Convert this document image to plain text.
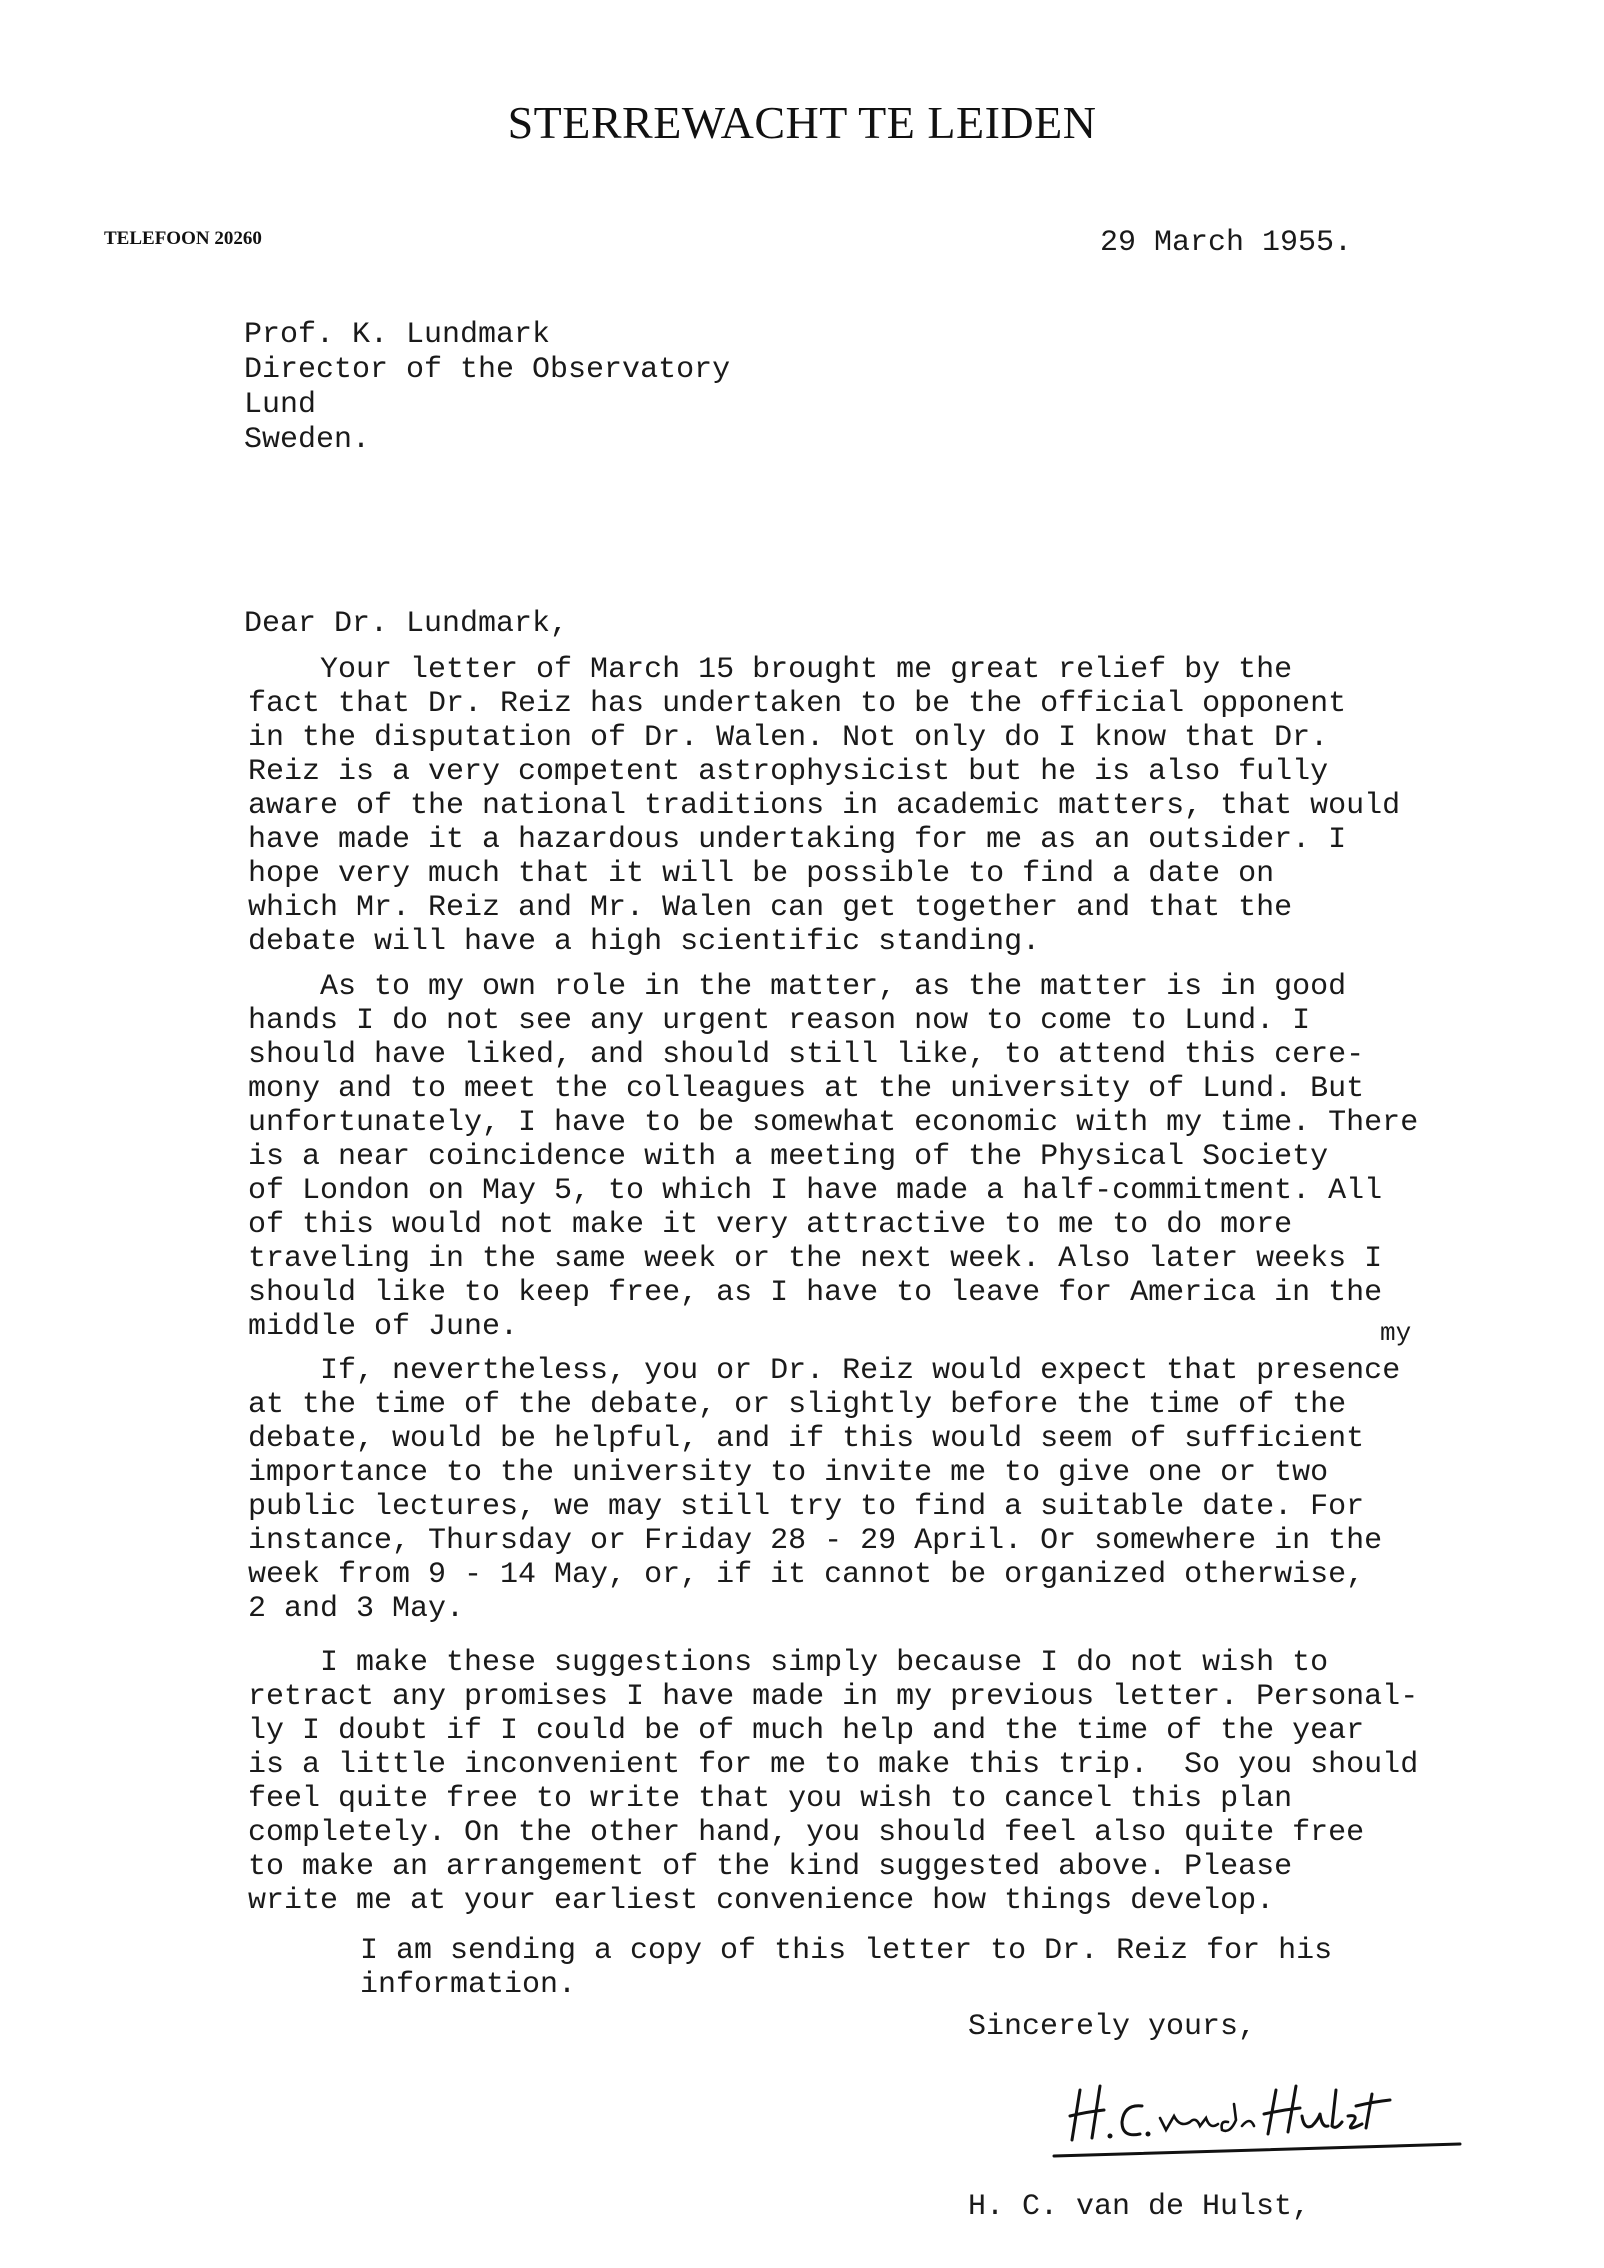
STERREWACHT TE LEIDEN
TELEFOON 20260	29 March 1955.
Prof. K. Lundmark
Director of the Observatory
Lund
Sweden.
Dear Dr. Lundmark,

Your letter of March 15 brought me great relief by the
fact that Dr. Reiz has undertaken to be the official opponent
in the disputation of Dr. Walen. Not only do I know that Dr.
Reiz is a very competent astrophysicist but he is also fully
aware of the national traditions in academic matters, that would
have made it a hazardous undertaking for me as an outsider. I
hope very much that it will be possible to find a date on
which Mr. Reiz and Mr. Walen can get together and that the
debate will have a high scientific standing.

As to my own role in the matter, as the matter is in good
hands I do not see any urgent reason now to come to Lund. I
should have liked, and should still like, to attend this cere-
mony and to meet the colleagues at the university of Lund. But
unfortunately, I have to be somewhat economic with my time. There
is a near coincidence with a meeting of the Physical Society
of London on May 5, to which I have made a half-commitment. All
of this would not make it very attractive to me to do more
traveling in the same week or the next week. Also later weeks I
should like to keep free, as I have to leave for America in the
middle of June.	my

If, nevertheless, you or Dr. Reiz would expect that presence
at the time of the debate, or slightly before the time of the
debate, would be helpful, and if this would seem of sufficient
importance to the university to invite me to give one or two
public lectures, we may still try to find a suitable date. For
instance, Thursday or Friday 28 - 29 April. Or somewhere in the
week from 9 - 14 May, or, if it cannot be organized otherwise,
2 and 3 May.

I make these suggestions simply because I do not wish to
retract any promises I have made in my previous letter. Personal-
ly I doubt if I could be of much help and the time of the year
is a little inconvenient for me to make this trip.  So you should
feel quite free to write that you wish to cancel this plan
completely. On the other hand, you should feel also quite free
to make an arrangement of the kind suggested above. Please
write me at your earliest convenience how things develop.

I am sending a copy of this letter to Dr. Reiz for his
information.

Sincerely yours,
H. C. van de Hulst,
